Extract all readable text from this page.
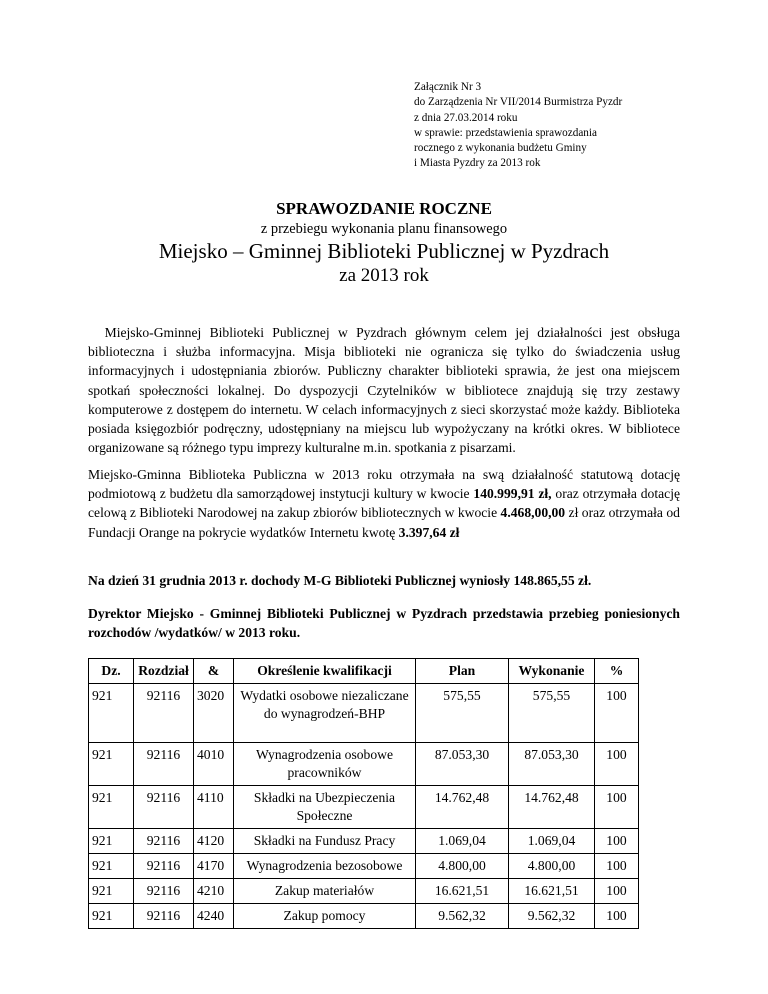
Załącznik Nr 3
do Zarządzenia Nr VII/2014 Burmistrza Pyzdr
z dnia 27.03.2014 roku
w sprawie: przedstawienia sprawozdania
rocznego z wykonania budżetu Gminy
i Miasta Pyzdry za 2013 rok
SPRAWOZDANIE ROCZNE
z przebiegu wykonania planu finansowego
Miejsko – Gminnej Biblioteki Publicznej w Pyzdrach
za 2013 rok
Miejsko-Gminnej Biblioteki Publicznej w Pyzdrach głównym celem jej działalności jest obsługa biblioteczna i służba informacyjna. Misja biblioteki nie ogranicza się tylko do świadczenia usług informacyjnych i udostępniania zbiorów. Publiczny charakter biblioteki sprawia, że jest ona miejscem spotkań społeczności lokalnej. Do dyspozycji Czytelników w bibliotece znajdują się trzy zestawy komputerowe z dostępem do internetu. W celach informacyjnych z sieci skorzystać może każdy. Biblioteka posiada księgozbiór podręczny, udostępniany na miejscu lub wypożyczany na krótki okres. W bibliotece organizowane są różnego typu imprezy kulturalne m.in. spotkania z pisarzami.
Miejsko-Gminna Biblioteka Publiczna w 2013 roku otrzymała na swą działalność statutową dotację podmiotową z budżetu dla samorządowej instytucji kultury w kwocie 140.999,91 zł, oraz otrzymała dotację celową z Biblioteki Narodowej na zakup zbiorów bibliotecznych w kwocie 4.468,00,00 zł oraz otrzymała od Fundacji Orange na pokrycie wydatków Internetu kwotę 3.397,64 zł
Na dzień 31 grudnia 2013 r. dochody M-G Biblioteki Publicznej wyniosły 148.865,55 zł.
Dyrektor Miejsko - Gminnej Biblioteki Publicznej w Pyzdrach przedstawia przebieg poniesionych rozchodów /wydatków/ w 2013 roku.
Dz.	Rozdział	&	Określenie kwalifikacji	Plan	Wykonanie	%
921	92116	3020	Wydatki osobowe niezaliczane do wynagrodzeń-BHP	575,55	575,55	100
921	92116	4010	Wynagrodzenia osobowe pracowników	87.053,30	87.053,30	100
921	92116	4110	Składki na Ubezpieczenia Społeczne	14.762,48	14.762,48	100
921	92116	4120	Składki na Fundusz Pracy	1.069,04	1.069,04	100
921	92116	4170	Wynagrodzenia bezosobowe	4.800,00	4.800,00	100
921	92116	4210	Zakup materiałów	16.621,51	16.621,51	100
921	92116	4240	Zakup pomocy	9.562,32	9.562,32	100
